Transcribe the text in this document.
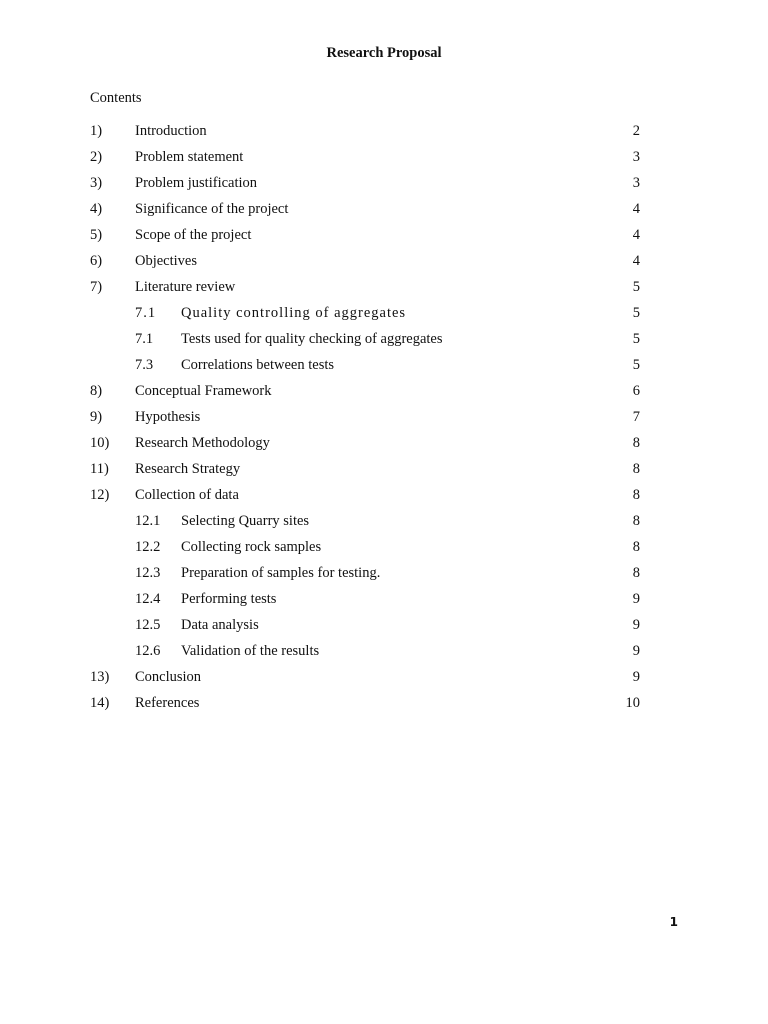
Research Proposal
Contents
1) Introduction	2
2) Problem statement	3
3) Problem justification	3
4) Significance of the project	4
5) Scope of the project	4
6) Objectives	4
7) Literature review	5
7.1 Quality controlling of aggregates	5
7.1 Tests used for quality checking of aggregates	5
7.3 Correlations between tests	5
8) Conceptual Framework	6
9) Hypothesis	7
10) Research Methodology	8
11) Research Strategy	8
12) Collection of data	8
12.1 Selecting Quarry sites	8
12.2 Collecting rock samples	8
12.3 Preparation of samples for testing.	8
12.4 Performing tests	9
12.5 Data analysis	9
12.6 Validation of the results	9
13) Conclusion	9
14) References	10
1
